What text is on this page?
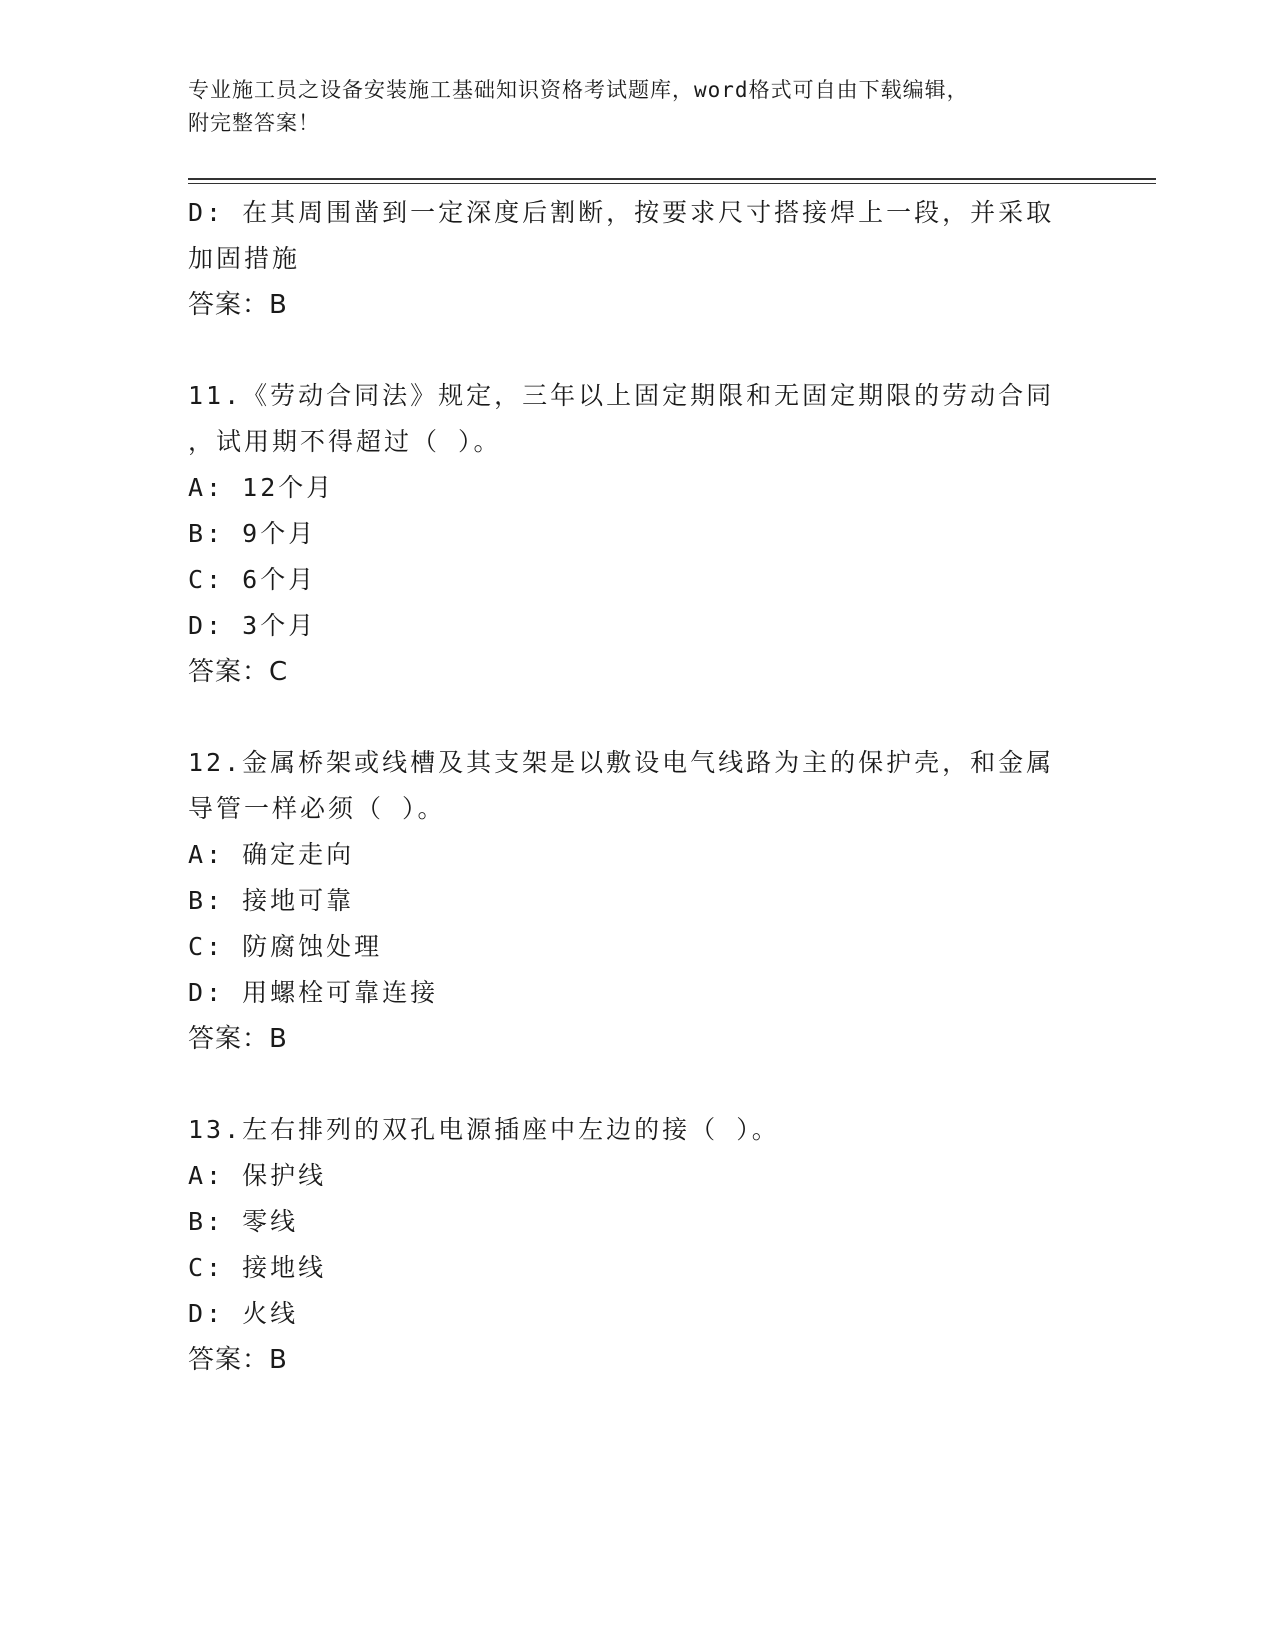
专业施工员之设备安装施工基础知识资格考试题库，word格式可自由下载编辑，
附完整答案！
D: 在其周围凿到一定深度后割断，按要求尺寸搭接焊上一段，并采取
加固措施
答案：B
11.《劳动合同法》规定，三年以上固定期限和无固定期限的劳动合同
，试用期不得超过（ ）。
A: 12个月
B: 9个月
C: 6个月
D: 3个月
答案：C
12.金属桥架或线槽及其支架是以敷设电气线路为主的保护壳，和金属
导管一样必须（ ）。
A: 确定走向
B: 接地可靠
C: 防腐蚀处理
D: 用螺栓可靠连接
答案：B
13.左右排列的双孔电源插座中左边的接（ ）。
A: 保护线
B: 零线
C: 接地线
D: 火线
答案：B
